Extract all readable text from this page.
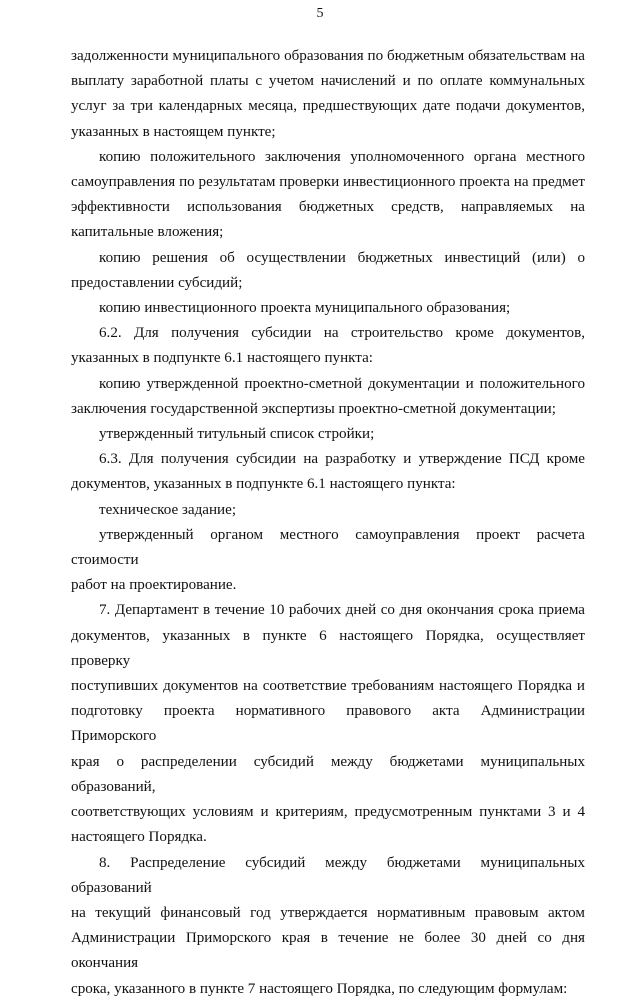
5
задолженности муниципального образования по бюджетным обязательствам на
выплату заработной платы с учетом начислений и по оплате коммунальных
услуг за три календарных месяца, предшествующих дате подачи документов,
указанных в настоящем пункте;
копию положительного заключения уполномоченного органа местного
самоуправления по результатам проверки инвестиционного проекта на предмет
эффективности использования бюджетных средств, направляемых на
капитальные вложения;
копию решения об осуществлении бюджетных инвестиций (или) о
предоставлении субсидий;
копию инвестиционного проекта муниципального образования;
6.2. Для получения субсидии на строительство кроме документов,
указанных в подпункте 6.1 настоящего пункта:
копию утвержденной проектно-сметной документации и положительного
заключения государственной экспертизы проектно-сметной документации;
утвержденный титульный список стройки;
6.3. Для получения субсидии на разработку и утверждение ПСД кроме
документов, указанных в подпункте 6.1 настоящего пункта:
техническое задание;
утвержденный органом местного самоуправления проект расчета стоимости
работ на проектирование.
7. Департамент в течение 10 рабочих дней со дня окончания срока приема
документов, указанных в пункте 6 настоящего Порядка, осуществляет проверку
поступивших документов на соответствие требованиям настоящего Порядка и
подготовку проекта нормативного правового акта Администрации Приморского
края о распределении субсидий между бюджетами муниципальных образований,
соответствующих условиям и критериям, предусмотренным пунктами 3 и 4
настоящего Порядка.
8. Распределение субсидий между бюджетами муниципальных образований
на текущий финансовый год утверждается нормативным правовым актом
Администрации Приморского края в течение не более 30 дней со дня окончания
срока, указанного в пункте 7 настоящего Порядка, по следующим формулам:
